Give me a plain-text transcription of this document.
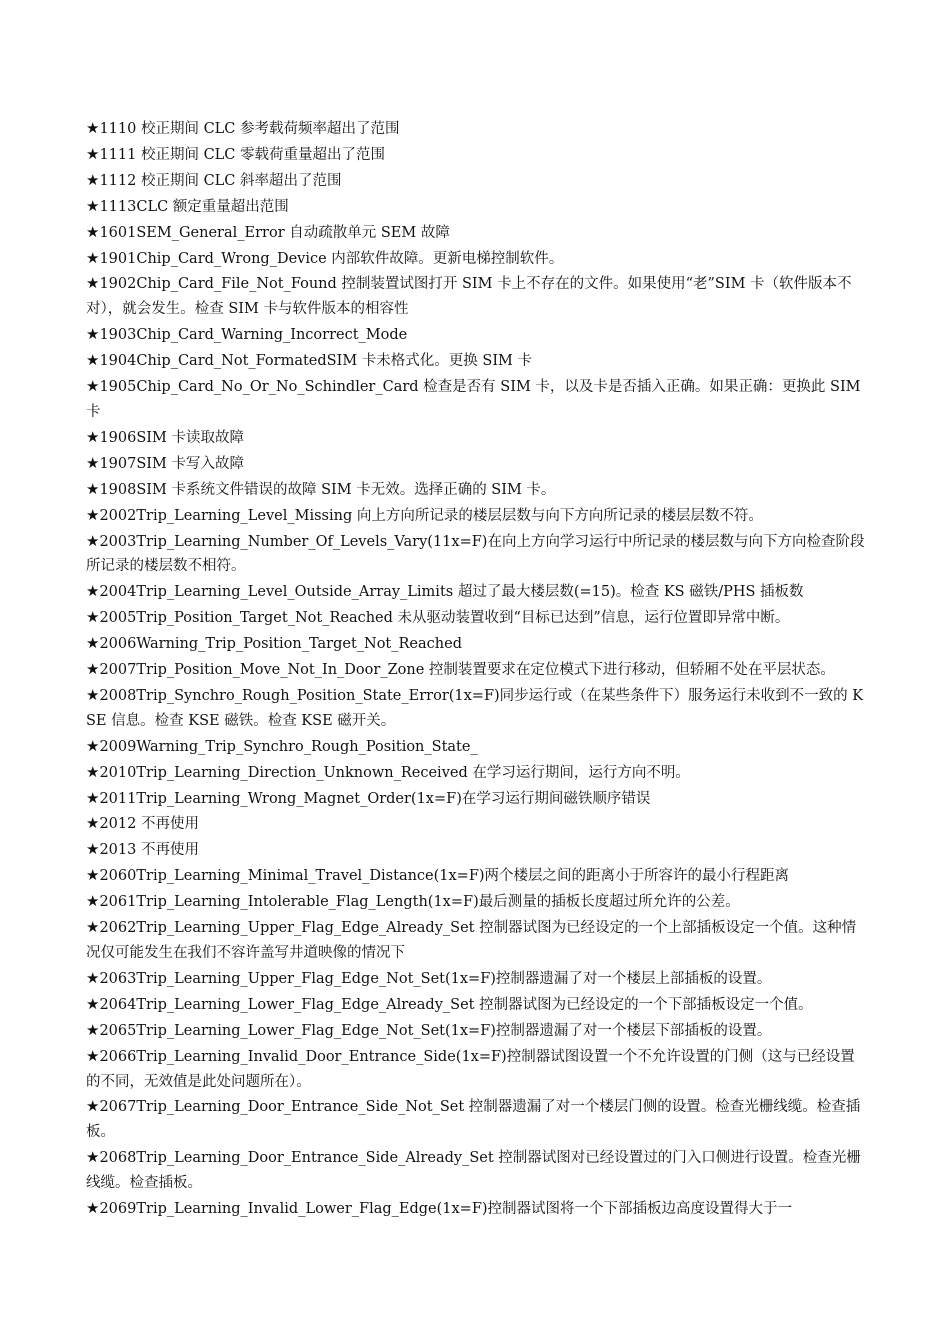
★1110 校正期间 CLC 参考载荷频率超出了范围

★1111 校正期间 CLC 零载荷重量超出了范围

★1112 校正期间 CLC 斜率超出了范围

★1113CLC 额定重量超出范围

★1601SEM_General_Error 自动疏散单元 SEM 故障

★1901Chip_Card_Wrong_Device 内部软件故障。更新电梯控制软件。

★1902Chip_Card_File_Not_Found 控制装置试图打开 SIM 卡上不存在的文件。如果使用“老”SIM 卡（软件版本不对），就会发生。检查 SIM 卡与软件版本的相容性

★1903Chip_Card_Warning_Incorrect_Mode

★1904Chip_Card_Not_FormatedSIM 卡未格式化。更换 SIM 卡

★1905Chip_Card_No_Or_No_Schindler_Card 检查是否有 SIM 卡，以及卡是否插入正确。如果正确：更换此 SIM 卡

★1906SIM 卡读取故障

★1907SIM 卡写入故障

★1908SIM 卡系统文件错误的故障 SIM 卡无效。选择正确的 SIM 卡。

★2002Trip_Learning_Level_Missing 向上方向所记录的楼层层数与向下方向所记录的楼层层数不符。

★2003Trip_Learning_Number_Of_Levels_Vary(11x=F)在向上方向学习运行中所记录的楼层数与向下方向检查阶段所记录的楼层数不相符。

★2004Trip_Learning_Level_Outside_Array_Limits 超过了最大楼层数(=15)。检查 KS 磁铁/PHS 插板数

★2005Trip_Position_Target_Not_Reached 未从驱动装置收到“目标已达到”信息，运行位置即异常中断。

★2006Warning_Trip_Position_Target_Not_Reached

★2007Trip_Position_Move_Not_In_Door_Zone 控制装置要求在定位模式下进行移动，但轿厢不处在平层状态。

★2008Trip_Synchro_Rough_Position_State_Error(1x=F)同步运行或（在某些条件下）服务运行未收到不一致的 KSE 信息。检查 KSE 磁铁。检查 KSE 磁开关。

★2009Warning_Trip_Synchro_Rough_Position_State_

★2010Trip_Learning_Direction_Unknown_Received 在学习运行期间，运行方向不明。

★2011Trip_Learning_Wrong_Magnet_Order(1x=F)在学习运行期间磁铁顺序错误

★2012 不再使用

★2013 不再使用

★2060Trip_Learning_Minimal_Travel_Distance(1x=F)两个楼层之间的距离小于所容许的最小行程距离

★2061Trip_Learning_Intolerable_Flag_Length(1x=F)最后测量的插板长度超过所允许的公差。

★2062Trip_Learning_Upper_Flag_Edge_Already_Set 控制器试图为已经设定的一个上部插板设定一个值。这种情况仅可能发生在我们不容许盖写井道映像的情况下

★2063Trip_Learning_Upper_Flag_Edge_Not_Set(1x=F)控制器遗漏了对一个楼层上部插板的设置。

★2064Trip_Learning_Lower_Flag_Edge_Already_Set 控制器试图为已经设定的一个下部插板设定一个值。

★2065Trip_Learning_Lower_Flag_Edge_Not_Set(1x=F)控制器遗漏了对一个楼层下部插板的设置。

★2066Trip_Learning_Invalid_Door_Entrance_Side(1x=F)控制器试图设置一个不允许设置的门侧（这与已经设置的不同，无效值是此处问题所在）。

★2067Trip_Learning_Door_Entrance_Side_Not_Set 控制器遗漏了对一个楼层门侧的设置。检查光栅线缆。检查插板。

★2068Trip_Learning_Door_Entrance_Side_Already_Set 控制器试图对已经设置过的门入口侧进行设置。检查光栅线缆。检查插板。

★2069Trip_Learning_Invalid_Lower_Flag_Edge(1x=F)控制器试图将一个下部插板边高度设置得大于一
